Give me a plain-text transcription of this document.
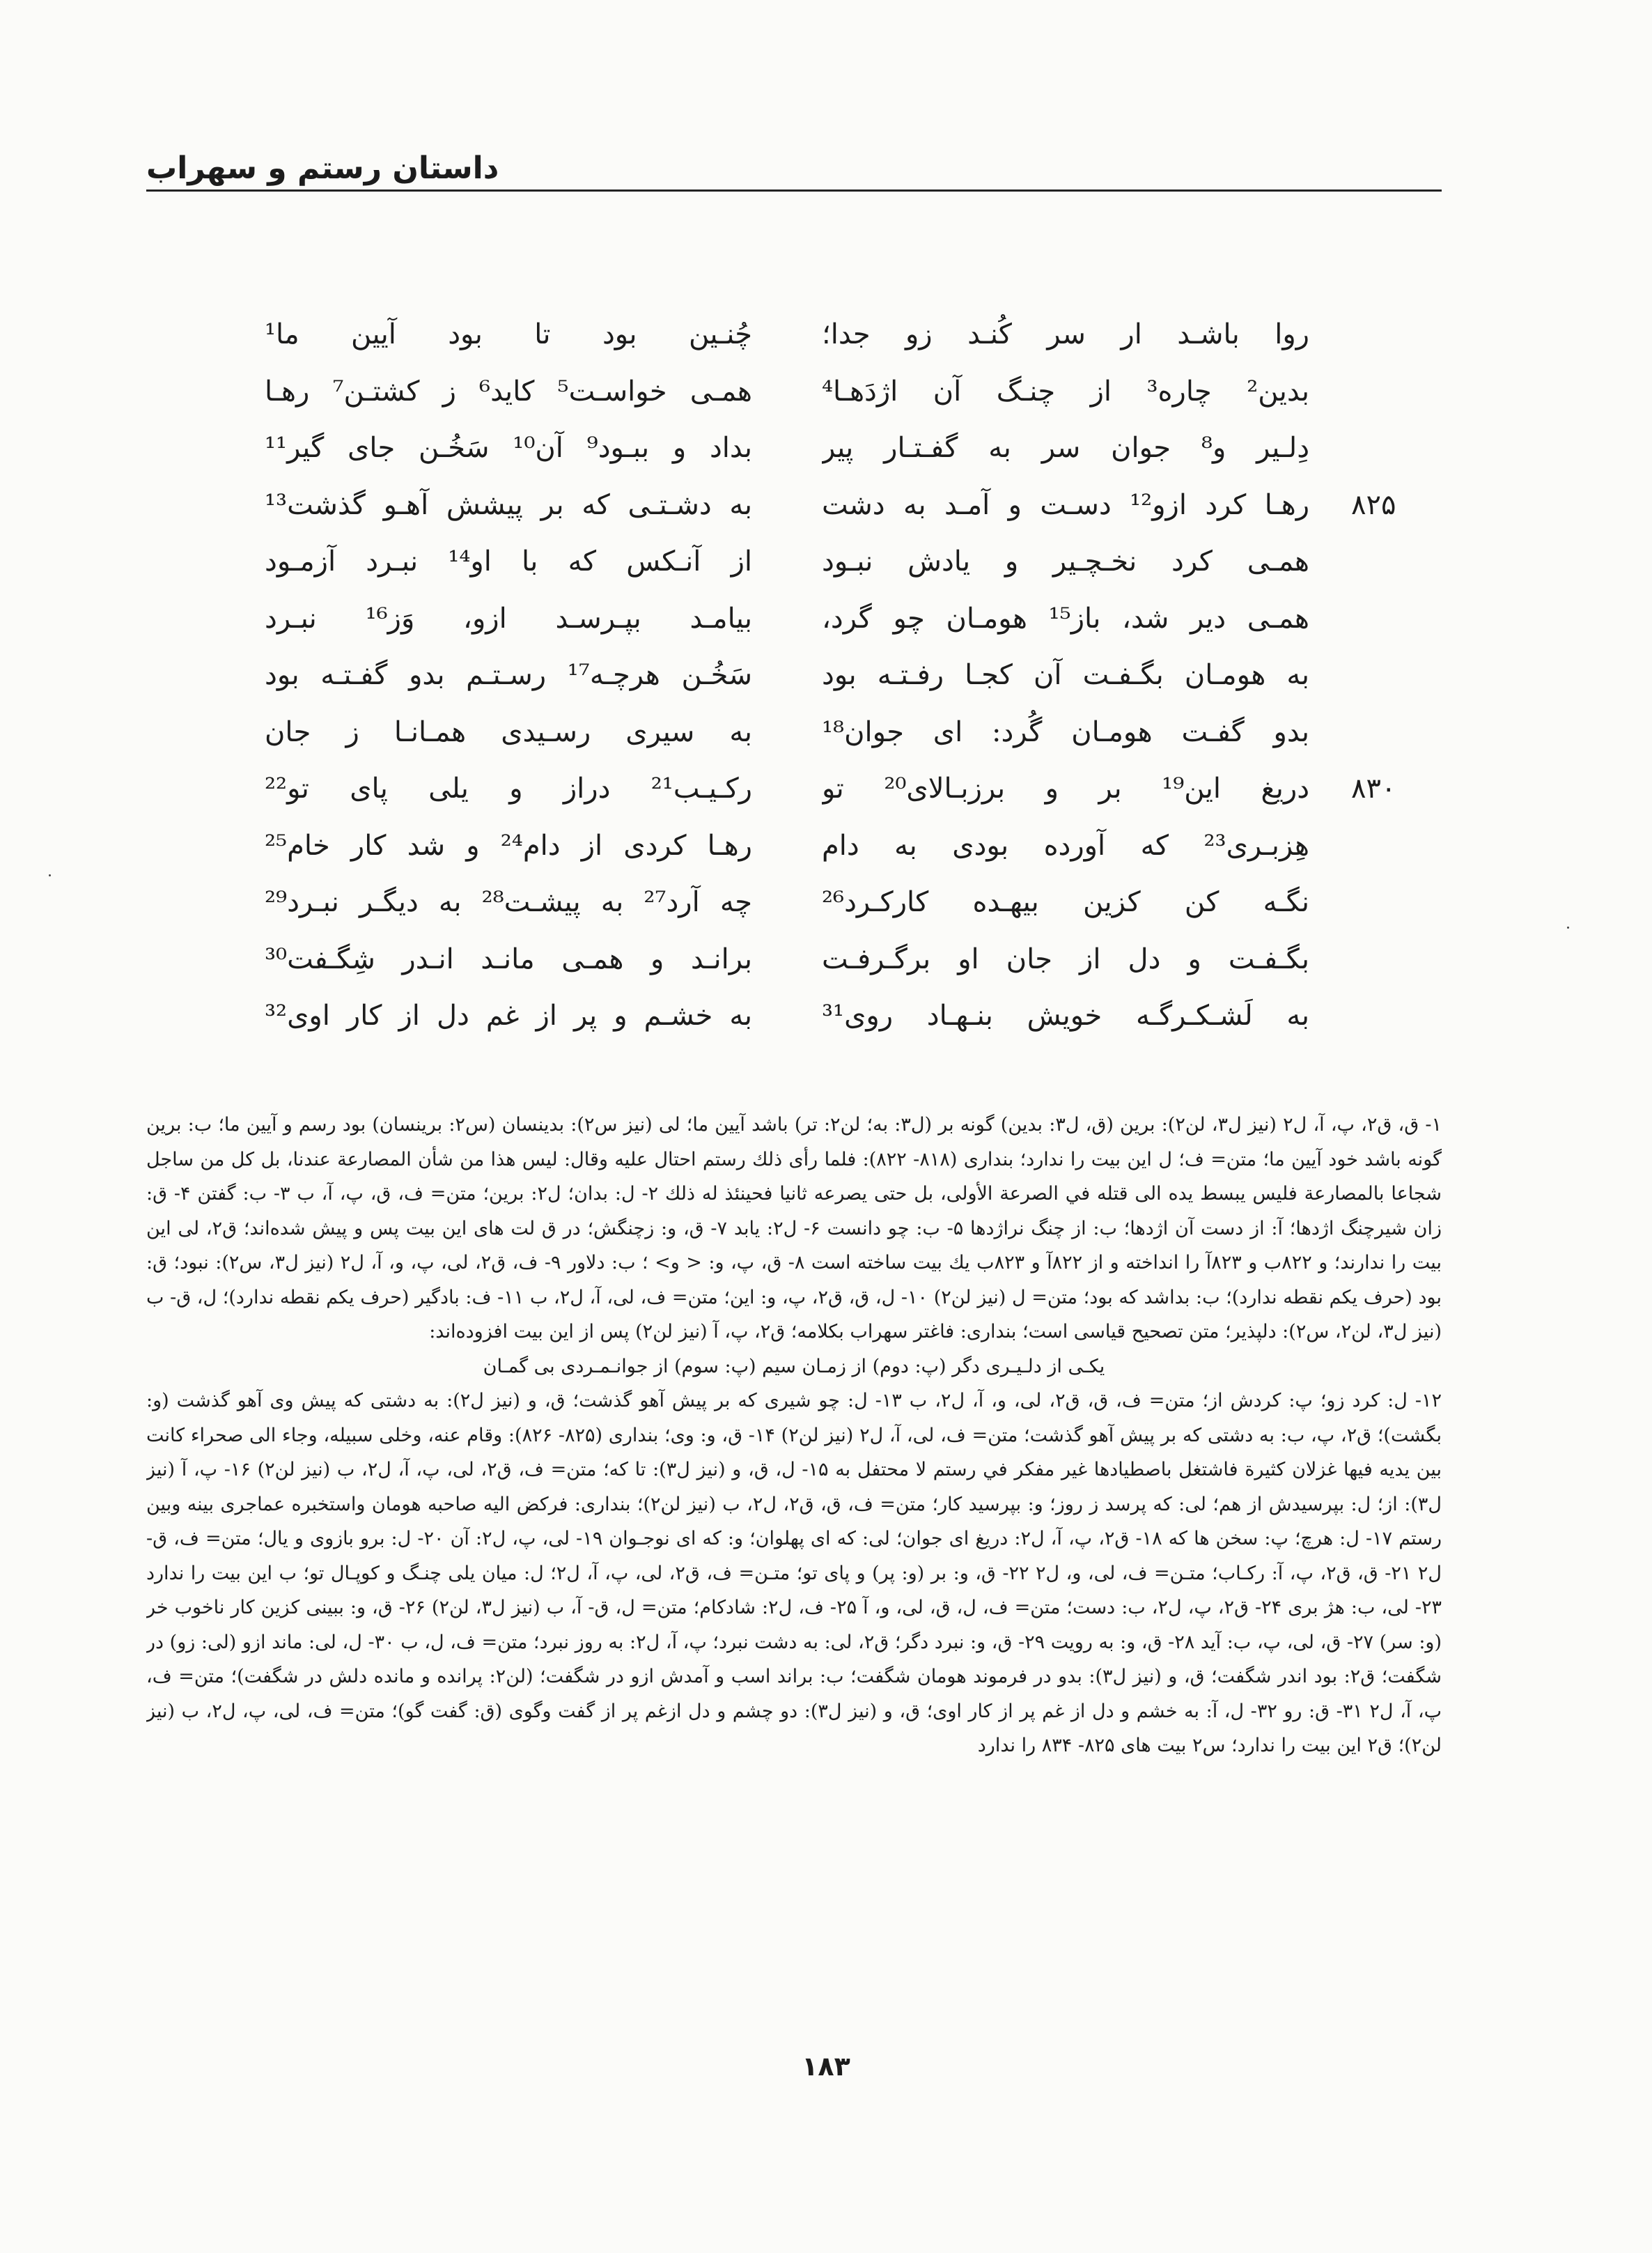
داستان رستم و سهراب
روا باشـد ار سر کُنـد زو جدا؛
چُنـین بود تا بود آیین ما¹
بدین² چاره³ از چنـگ آن اژدَهـا⁴
همـی خواسـت⁵ کاید⁶ ز کشتـن⁷ رهـا
دِلـیر و⁸ جوان سر به گفـتـار پیر
بداد و ببـود⁹ آن¹⁰ سَخُـن جای گیر¹¹
۸۲۵
رهـا کرد ازو¹² دسـت و آمـد به دشت
به دشـتـی که بر پیشش آهـو گذشت¹³
همـی کرد نخـچـیر و یادش نبـود
از آنـکس که با او¹⁴ نبـرد آزمـود
همـی دیر شد، باز¹⁵ هومـان چو گرد،
بیامـد بپـرسـد ازو، وَز¹⁶ نبـرد
به هومـان بگـفـت آن کجـا رفـتـه بود
سَخُـن هرچـه¹⁷ رسـتـم بدو گفـتـه بود
بدو گفـت هومـان گُرد: ای جوان¹⁸
به سیری رسـیدی همـانـا ز جان
۸۳۰
دریغ این¹⁹ بر و برزبـالای²⁰ تو
رکـیـب²¹ دراز و یلی پای تو²²
هِزبـری²³ که آورده بودی به دام
رهـا کردی از دام²⁴ و شد کار خام²⁵
نگـه کن کزین بیهـده کارکـرد²⁶
چه آرد²⁷ به پیشـت²⁸ به دیگـر نبـرد²⁹
بگـفـت و دل از جان او برگـرفـت
برانـد و همـی مانـد انـدر شِگـفت³⁰
به لَشـکـرگـه خویش بنـهـاد روی³¹
به خشـم و پر از غم دل از کار اوی³²

۱- ق، ق۲، پ، آ، ل۲ (نیز ل۳، لن۲): برین (ق، ل۳: بدین) گونه بر (ل۳: به؛ لن۲: تر) باشد آیین ما؛ لی (نیز س۲): بدینسان (س۲: برینسان) بود رسم و آیین ما؛ ب: برین گونه باشد خود آیین ما؛ متن= ف؛ ل این بیت را ندارد؛ بنداری (۸۱۸- ۸۲۲): فلما رأى ذلك رستم احتال عليه وقال: ليس هذا من شأن المصارعة عندنا، بل كل من ساجل شجاعا بالمصارعة فليس يبسط يده الى قتله في الصرعة الأولى، بل حتى يصرعه ثانيا فحينئذ له ذلك ۲- ل: بدان؛ ل۲: برین؛ متن= ف، ق، پ، آ، ب ۳- ب: گفتن ۴- ق: زان شیرچنگ اژدها؛ آ: از دست آن اژدها؛ ب: از چنگ نراژدها ۵- ب: چو دانست ۶- ل۲: یابد ۷- ق، و: زچنگش؛ در ق لت های این بیت پس و پیش شده‌اند؛ ق۲، لی این بیت را ندارند؛ و ۸۲۲ب و ۸۲۳آ را انداخته و از ۸۲۲آ و ۸۲۳ب یك بیت ساخته است ۸- ق، پ، و: < و> ؛ ب: دلاور ۹- ف، ق۲، لی، پ، و، آ، ل۲ (نیز ل۳، س۲): نبود؛ ق: بود (حرف یکم نقطه ندارد)؛ ب: بداشد که بود؛ متن= ل (نیز لن۲) ۱۰- ل، ق، ق۲، پ، و: این؛ متن= ف، لی، آ، ل۲، ب ۱۱- ف: بادگیر (حرف یکم نقطه ندارد)؛ ل، ق- ب (نیز ل۳، لن۲، س۲): دلپذیر؛ متن تصحیح قیاسی است؛ بنداری: فاغتر سهراب بكلامه؛ ق۲، پ، آ (نیز لن۲) پس از این بیت افزوده‌اند:

یکـی از دلـیـری دگر (پ: دوم) از زمـان سیم (پ: سوم) از جوانـمـردی بی گمـان

۱۲- ل: کرد زو؛ پ: کردش از؛ متن= ف، ق، ق۲، لی، و، آ، ل۲، ب ۱۳- ل: چو شیری که بر پیش آهو گذشت؛ ق، و (نیز ل۲): به دشتی که پیش وی آهو گذشت (و: بگشت)؛ ق۲، پ، ب: به دشتی که بر پیش آهو گذشت؛ متن= ف، لی، آ، ل۲ (نیز لن۲) ۱۴- ق، و: وی؛ بنداری (۸۲۵- ۸۲۶): وقام عنه، وخلى سبيله، وجاء الى صحراء كانت بين يديه فيها غزلان كثيرة فاشتغل باصطيادها غير مفكر في رستم لا محتفل به ۱۵- ل، ق، و (نیز ل۳): تا که؛ متن= ف، ق۲، لی، پ، آ، ل۲، ب (نیز لن۲) ۱۶- پ، آ (نیز ل۳): از؛ ل: بپرسیدش از هم؛ لی: که پرسد ز روز؛ و: بپرسید کار؛ متن= ف، ق، ق۲، ل۲، ب (نیز لن۲)؛ بنداری: فرکض اليه صاحبه هومان واستخبره عماجرى بينه وبين رستم ۱۷- ل: هرچ؛ پ: سخن ها که ۱۸- ق۲، پ، آ، ل۲: دریغ ای جوان؛ لی: که ای پهلوان؛ و: که ای نوجـوان ۱۹- لی، پ، ل۲: آن ۲۰- ل: برو بازوی و یال؛ متن= ف، ق- ل۲ ۲۱- ق، ق۲، پ، آ: رکـاب؛ متـن= ف، لی، و، ل۲ ۲۲- ق، و: بر (و: پر) و پای تو؛ متـن= ف، ق۲، لی، پ، آ، ل۲؛ ل: میان یلی چنـگ و کوپـال تو؛ ب این بیت را ندارد ۲۳- لی، ب: هژ بری ۲۴- ق۲، پ، ل۲، ب: دست؛ متن= ف، ل، ق، لی، و، آ ۲۵- ف، ل۲: شادکام؛ متن= ل، ق- آ، ب (نیز ل۳، لن۲) ۲۶- ق، و: ببینی کزین کار ناخوب خر (و: سر) ۲۷- ق، لی، پ، ب: آید ۲۸- ق، و: به رویت ۲۹- ق، و: نبرد دگر؛ ق۲، لی: به دشت نبرد؛ پ، آ، ل۲: به روز نبرد؛ متن= ف، ل، ب ۳۰- ل، لی: ماند ازو (لی: زو) در شگفت؛ ق۲: بود اندر شگفت؛ ق، و (نیز ل۳): بدو در فرموند هومان شگفت؛ ب: براند اسب و آمدش ازو در شگفت؛ (لن۲: پرانده و مانده دلش در شگفت)؛ متن= ف، پ، آ، ل۲ ۳۱- ق: رو ۳۲- ل، آ: به خشم و دل از غم پر از کار اوی؛ ق، و (نیز ل۳): دو چشم و دل ازغم پر از گفت وگوی (ق: گفت گو)؛ متن= ف، لی، پ، ل۲، ب (نیز لن۲)؛ ق۲ این بیت را ندارد؛ س۲ بیت های ۸۲۵- ۸۳۴ را ندارد

۱۸۳
